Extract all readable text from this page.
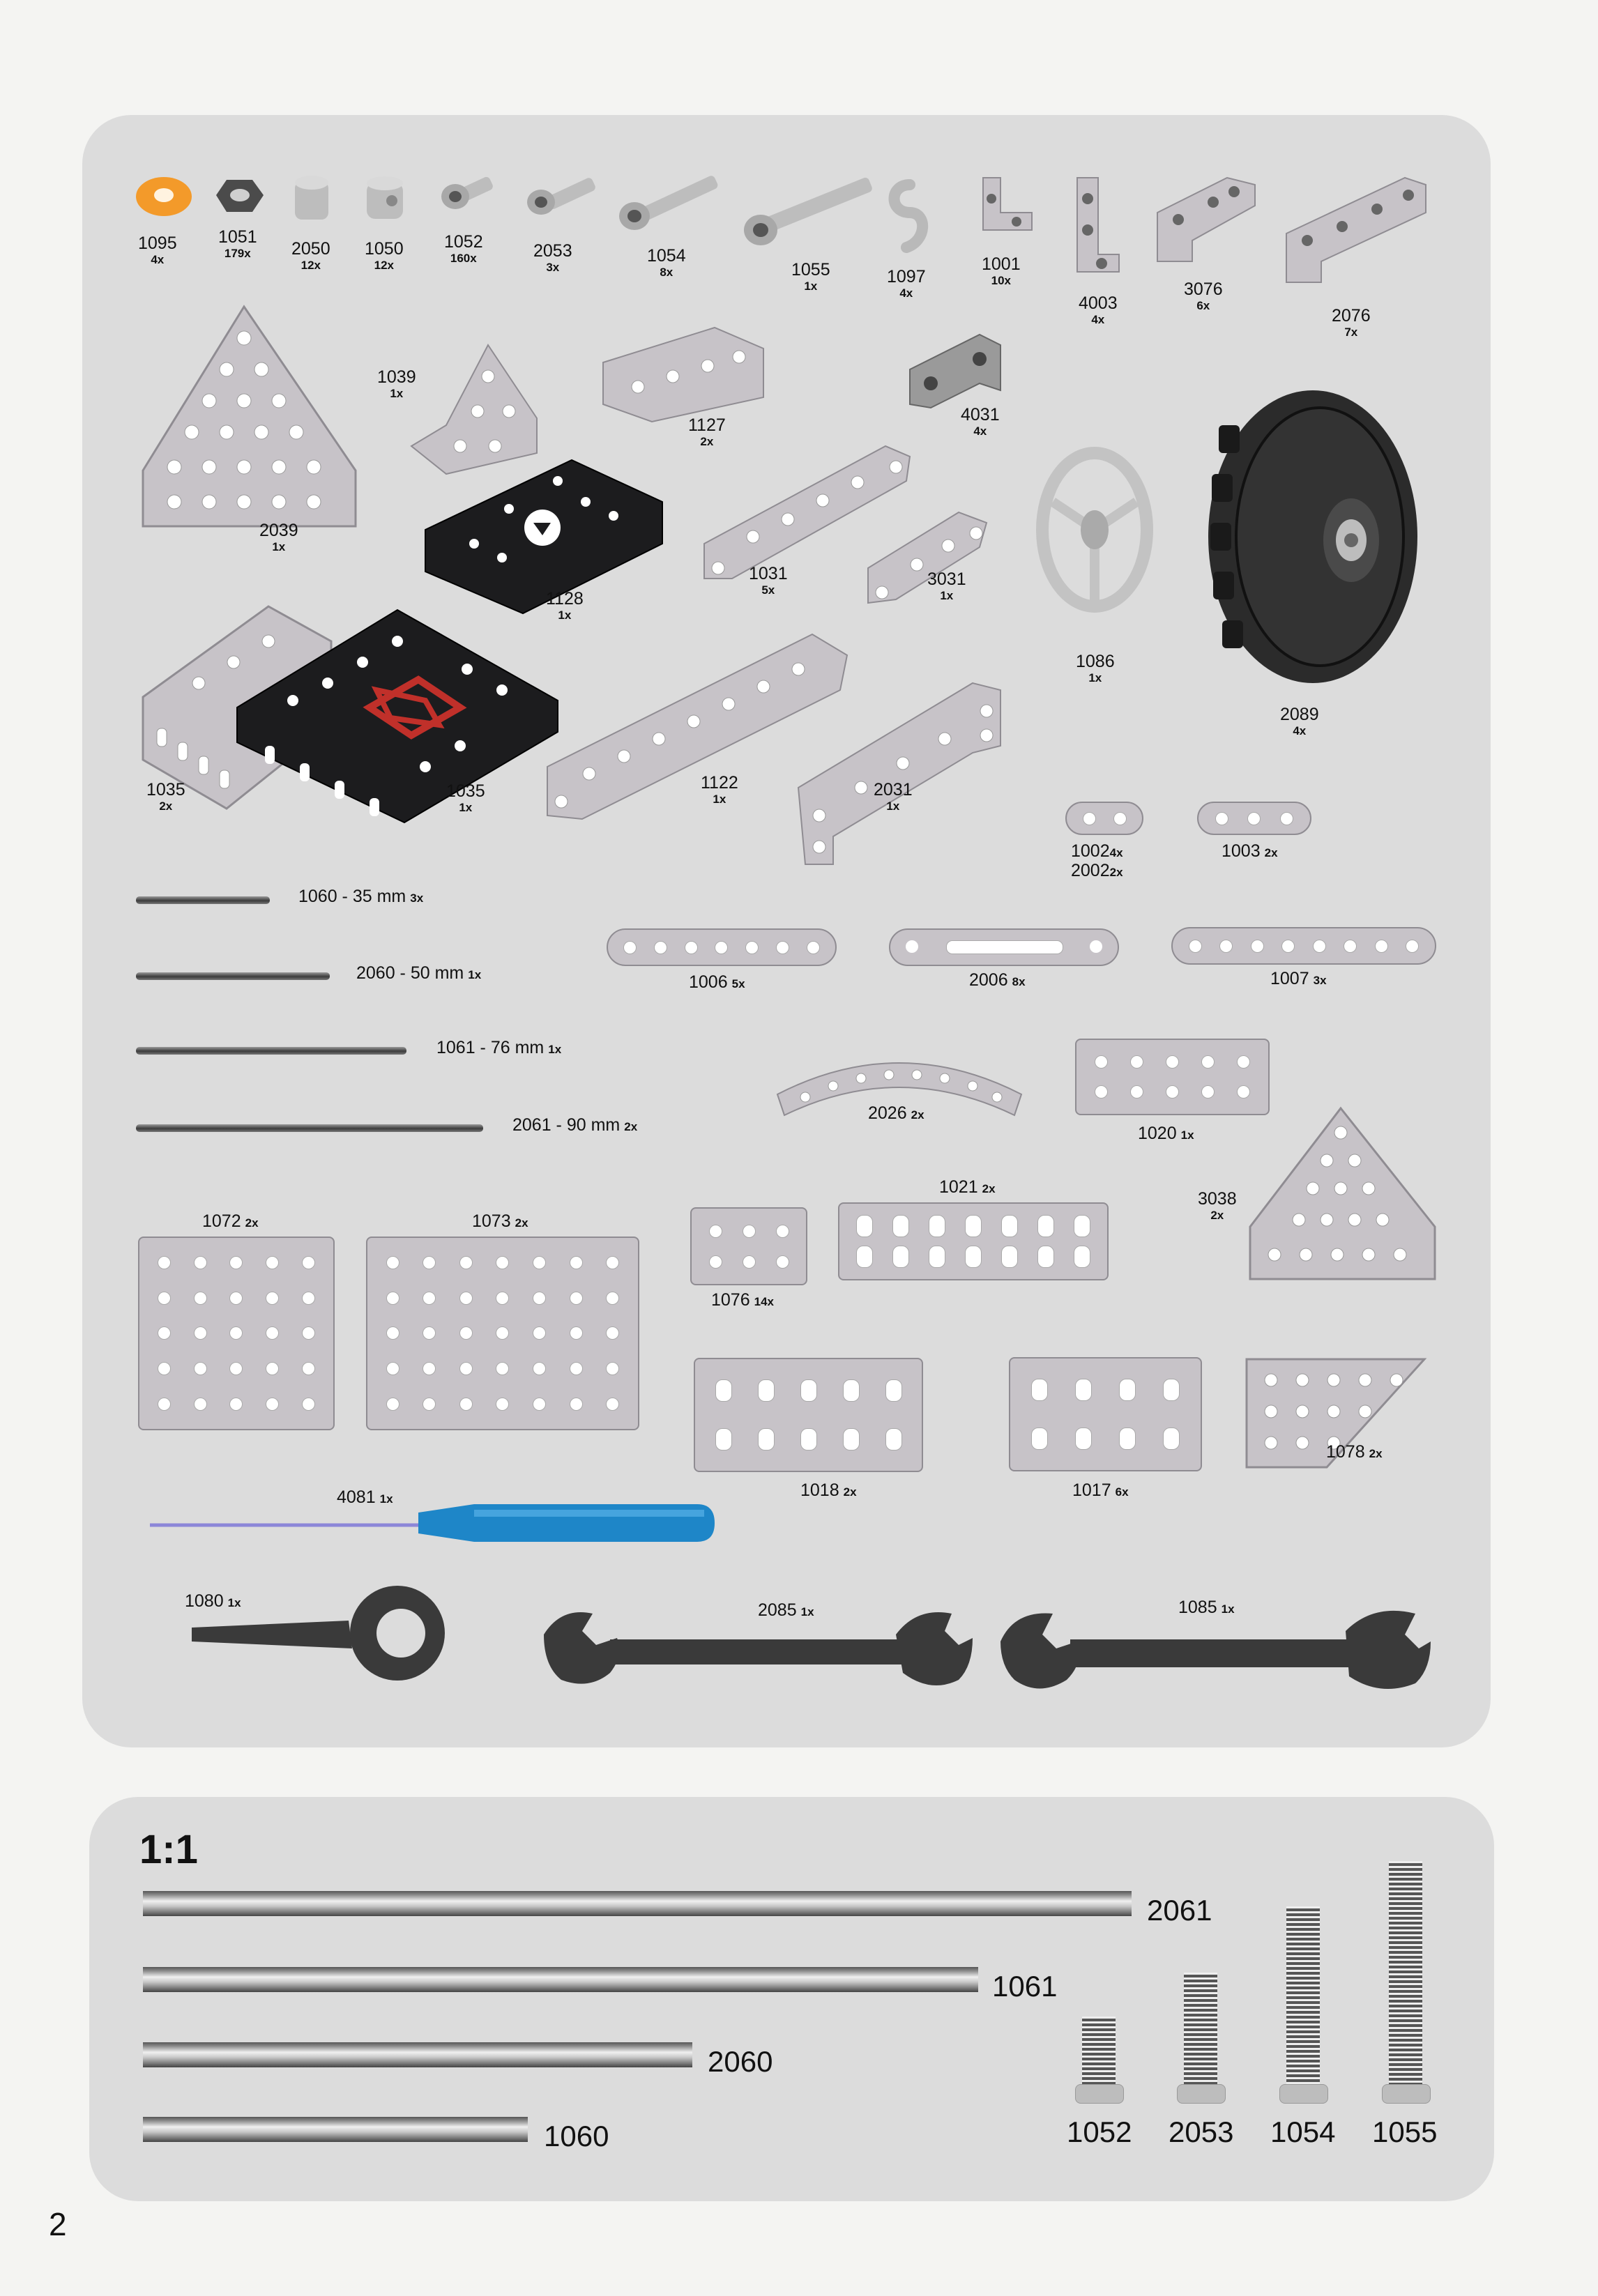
1095
4x
1051
179x	2050
12x
1050
12x
1052
160x	2053
3x
1054
8x	1055
1x	1097
4x
1001
10x
4003
4x
3076
6x
2076
7x
2039
1x
1039
1x
1127
2x
4031
4x
1128
1x
1031
5x
3031
1x
1086
1x
2089
4x
1035
2x
1035
1x
1122
1x	2031
1x
10024x
20022x
1003 2x
1060 - 35 mm 3x
2060 - 50 mm 1x
1061 - 76 mm 1x
2061 - 90 mm 2x
1006 5x	2006 8x	1007 3x
2026 2x
1020 1x
1072 2x	1073 2x
1076 14x
1021 2x
3038
2x
1018 2x	1017 6x
1078 2x
4081 1x
1080 1x	2085 1x	1085 1x
1:1
2061
1061
2060
1060	1052 2053 1054 1055
2
